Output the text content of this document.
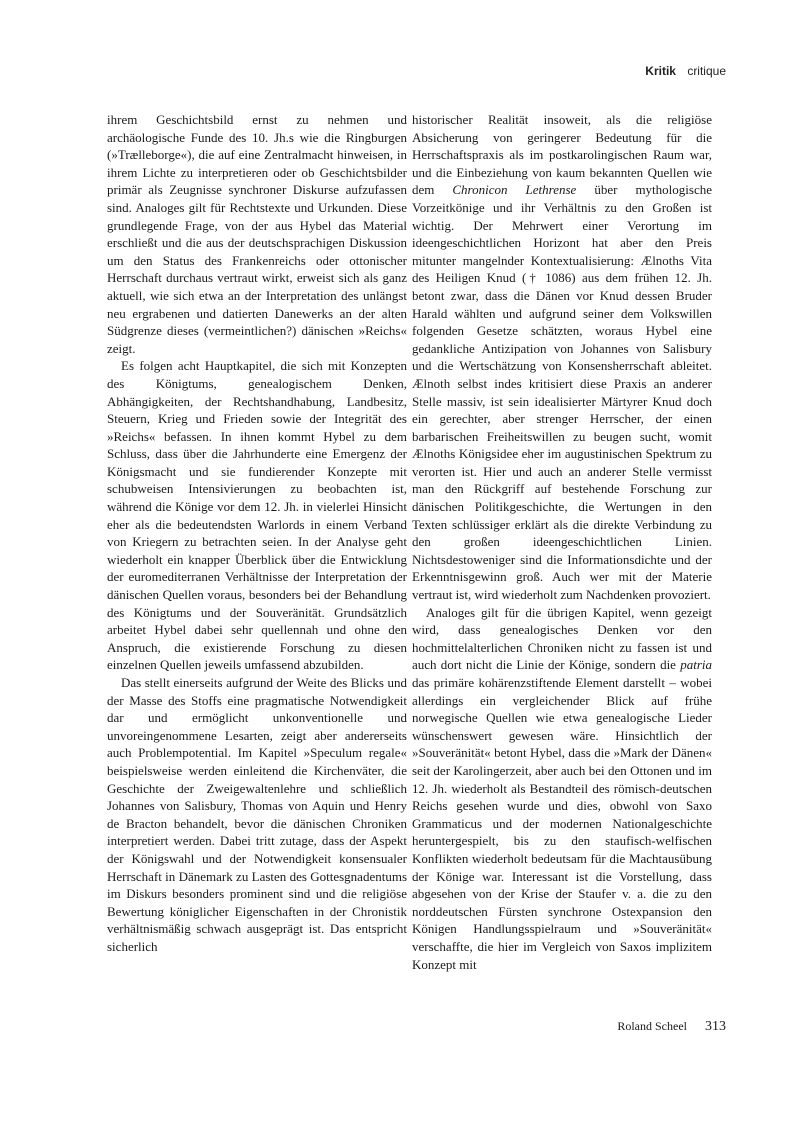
Kritik critique

ihrem Geschichtsbild ernst zu nehmen und archäologische Funde des 10. Jh.s wie die Ringburgen (»Trælleborge«), die auf eine Zentralmacht hinweisen, in ihrem Lichte zu interpretieren oder ob Geschichtsbilder primär als Zeugnisse synchroner Diskurse aufzufassen sind. Analoges gilt für Rechtstexte und Urkunden. Diese grundlegende Frage, von der aus Hybel das Material erschließt und die aus der deutschsprachigen Diskussion um den Status des Frankenreichs oder ottonischer Herrschaft durchaus vertraut wirkt, erweist sich als ganz aktuell, wie sich etwa an der Interpretation des unlängst neu ergrabenen und datierten Danewerks an der alten Südgrenze dieses (vermeintlichen?) dänischen »Reichs« zeigt.

Es folgen acht Hauptkapitel, die sich mit Konzepten des Königtums, genealogischem Denken, Abhängigkeiten, der Rechtshandhabung, Landbesitz, Steuern, Krieg und Frieden sowie der Integrität des »Reichs« befassen. In ihnen kommt Hybel zu dem Schluss, dass über die Jahrhunderte eine Emergenz der Königsmacht und sie fundierender Konzepte mit schubweisen Intensivierungen zu beobachten ist, während die Könige vor dem 12. Jh. in vielerlei Hinsicht eher als die bedeutendsten Warlords in einem Verband von Kriegern zu betrachten seien. In der Analyse geht wiederholt ein knapper Überblick über die Entwicklung der euromediterranen Verhältnisse der Interpretation der dänischen Quellen voraus, besonders bei der Behandlung des Königtums und der Souveränität. Grundsätzlich arbeitet Hybel dabei sehr quellennah und ohne den Anspruch, die existierende Forschung zu diesen einzelnen Quellen jeweils umfassend abzubilden.

Das stellt einerseits aufgrund der Weite des Blicks und der Masse des Stoffs eine pragmatische Notwendigkeit dar und ermöglicht unkonventionelle und unvoreingenommene Lesarten, zeigt aber andererseits auch Problempotential. Im Kapitel »Speculum regale« beispielsweise werden einleitend die Kirchenväter, die Geschichte der Zweigewaltenlehre und schließlich Johannes von Salisbury, Thomas von Aquin und Henry de Bracton behandelt, bevor die dänischen Chroniken interpretiert werden. Dabei tritt zutage, dass der Aspekt der Königswahl und der Notwendigkeit konsensualer Herrschaft in Dänemark zu Lasten des Gottesgnadentums im Diskurs besonders prominent sind und die religiöse Bewertung königlicher Eigenschaften in der Chronistik verhältnismäßig schwach ausgeprägt ist. Das entspricht sicherlich

historischer Realität insoweit, als die religiöse Absicherung von geringerer Bedeutung für die Herrschaftspraxis als im postkarolingischen Raum war, und die Einbeziehung von kaum bekannten Quellen wie dem Chronicon Lethrense über mythologische Vorzeitkönige und ihr Verhältnis zu den Großen ist wichtig. Der Mehrwert einer Verortung im ideengeschichtlichen Horizont hat aber den Preis mitunter mangelnder Kontextualisierung: Ælnoths Vita des Heiligen Knud († 1086) aus dem frühen 12. Jh. betont zwar, dass die Dänen vor Knud dessen Bruder Harald wählten und aufgrund seiner dem Volkswillen folgenden Gesetze schätzten, woraus Hybel eine gedankliche Antizipation von Johannes von Salisbury und die Wertschätzung von Konsensherrschaft ableitet. Ælnoth selbst indes kritisiert diese Praxis an anderer Stelle massiv, ist sein idealisierter Märtyrer Knud doch ein gerechter, aber strenger Herrscher, der einen barbarischen Freiheitswillen zu beugen sucht, womit Ælnoths Königsidee eher im augustinischen Spektrum zu verorten ist. Hier und auch an anderer Stelle vermisst man den Rückgriff auf bestehende Forschung zur dänischen Politikgeschichte, die Wertungen in den Texten schlüssiger erklärt als die direkte Verbindung zu den großen ideengeschichtlichen Linien. Nichtsdestoweniger sind die Informationsdichte und der Erkenntnisgewinn groß. Auch wer mit der Materie vertraut ist, wird wiederholt zum Nachdenken provoziert.

Analoges gilt für die übrigen Kapitel, wenn gezeigt wird, dass genealogisches Denken vor den hochmittelalterlichen Chroniken nicht zu fassen ist und auch dort nicht die Linie der Könige, sondern die patria das primäre kohärenzstiftende Element darstellt – wobei allerdings ein vergleichender Blick auf frühe norwegische Quellen wie etwa genealogische Lieder wünschenswert gewesen wäre. Hinsichtlich der »Souveränität« betont Hybel, dass die »Mark der Dänen« seit der Karolingerzeit, aber auch bei den Ottonen und im 12. Jh. wiederholt als Bestandteil des römisch-deutschen Reichs gesehen wurde und dies, obwohl von Saxo Grammaticus und der modernen Nationalgeschichte heruntergespielt, bis zu den staufisch-welfischen Konflikten wiederholt bedeutsam für die Machtausübung der Könige war. Interessant ist die Vorstellung, dass abgesehen von der Krise der Staufer v. a. die zu den norddeutschen Fürsten synchrone Ostexpansion den Königen Handlungsspielraum und »Souveränität« verschaffte, die hier im Vergleich von Saxos implizitem Konzept mit

Roland Scheel 313
